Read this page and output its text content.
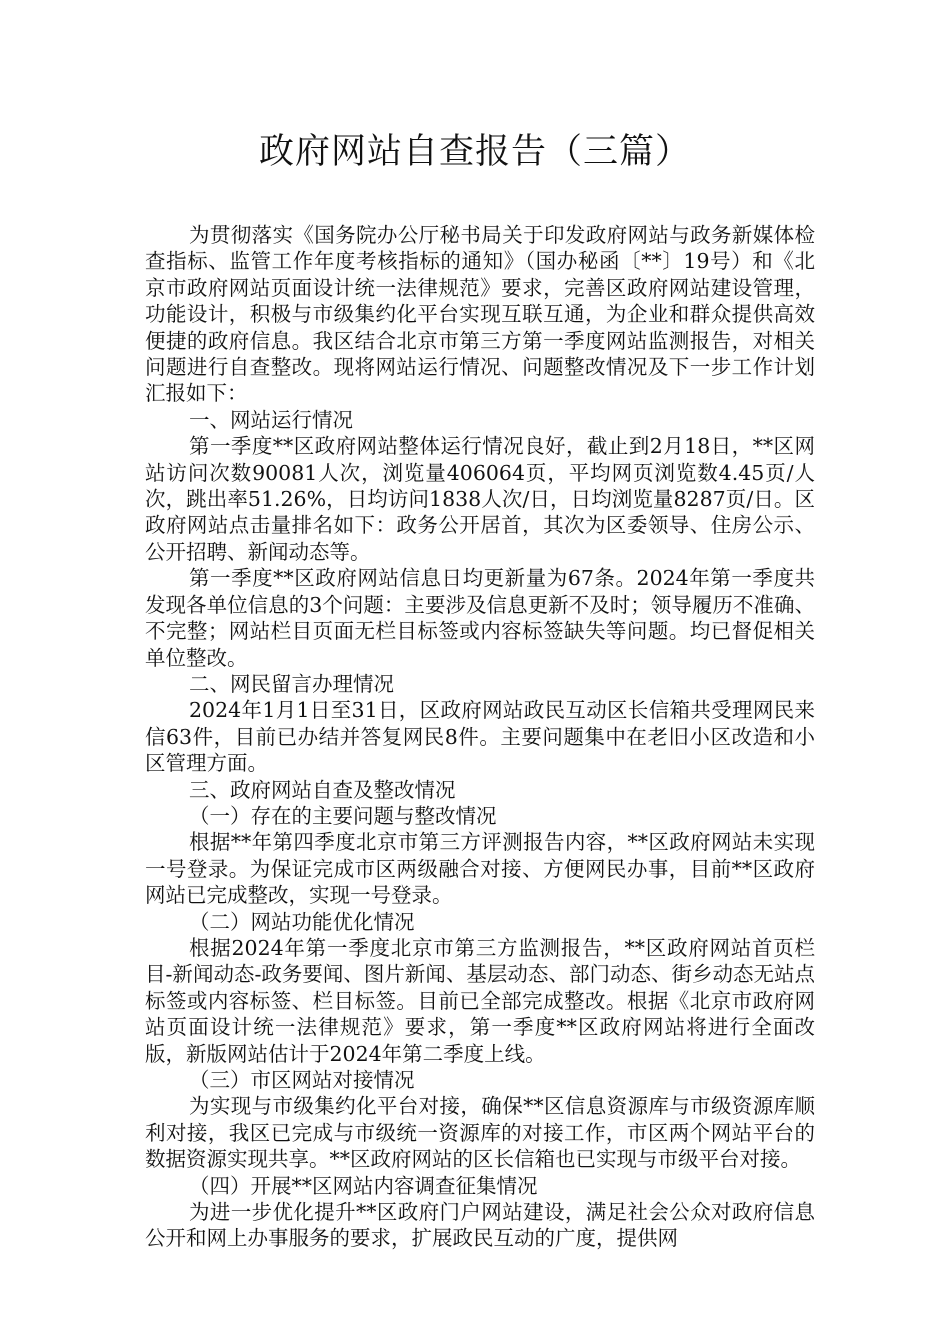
政府网站自查报告（三篇）

为贯彻落实《国务院办公厅秘书局关于印发政府网站与政务新媒体检查指标、监管工作年度考核指标的通知》（国办秘函〔**〕19号）和《北京市政府网站页面设计统一法律规范》要求，完善区政府网站建设管理，功能设计，积极与市级集约化平台实现互联互通，为企业和群众提供高效便捷的政府信息。我区结合北京市第三方第一季度网站监测报告，对相关问题进行自查整改。现将网站运行情况、问题整改情况及下一步工作计划汇报如下：

一、网站运行情况

第一季度**区政府网站整体运行情况良好，截止到2月18日，**区网站访问次数90081人次，浏览量406064页，平均网页浏览数4.45页/人次，跳出率51.26%，日均访问1838人次/日，日均浏览量8287页/日。区政府网站点击量排名如下：政务公开居首，其次为区委领导、住房公示、公开招聘、新闻动态等。

第一季度**区政府网站信息日均更新量为67条。2024年第一季度共发现各单位信息的3个问题：主要涉及信息更新不及时；领导履历不准确、不完整；网站栏目页面无栏目标签或内容标签缺失等问题。均已督促相关单位整改。

二、网民留言办理情况

2024年1月1日至31日，区政府网站政民互动区长信箱共受理网民来信63件，目前已办结并答复网民8件。主要问题集中在老旧小区改造和小区管理方面。

三、政府网站自查及整改情况

（一）存在的主要问题与整改情况

根据**年第四季度北京市第三方评测报告内容，**区政府网站未实现一号登录。为保证完成市区两级融合对接、方便网民办事，目前**区政府网站已完成整改，实现一号登录。

（二）网站功能优化情况

根据2024年第一季度北京市第三方监测报告，**区政府网站首页栏目-新闻动态-政务要闻、图片新闻、基层动态、部门动态、街乡动态无站点标签或内容标签、栏目标签。目前已全部完成整改。根据《北京市政府网站页面设计统一法律规范》要求，第一季度**区政府网站将进行全面改版，新版网站估计于2024年第二季度上线。

（三）市区网站对接情况

为实现与市级集约化平台对接，确保**区信息资源库与市级资源库顺利对接，我区已完成与市级统一资源库的对接工作，市区两个网站平台的数据资源实现共享。**区政府网站的区长信箱也已实现与市级平台对接。

（四）开展**区网站内容调查征集情况

为进一步优化提升**区政府门户网站建设，满足社会公众对政府信息公开和网上办事服务的要求，扩展政民互动的广度，提供网
